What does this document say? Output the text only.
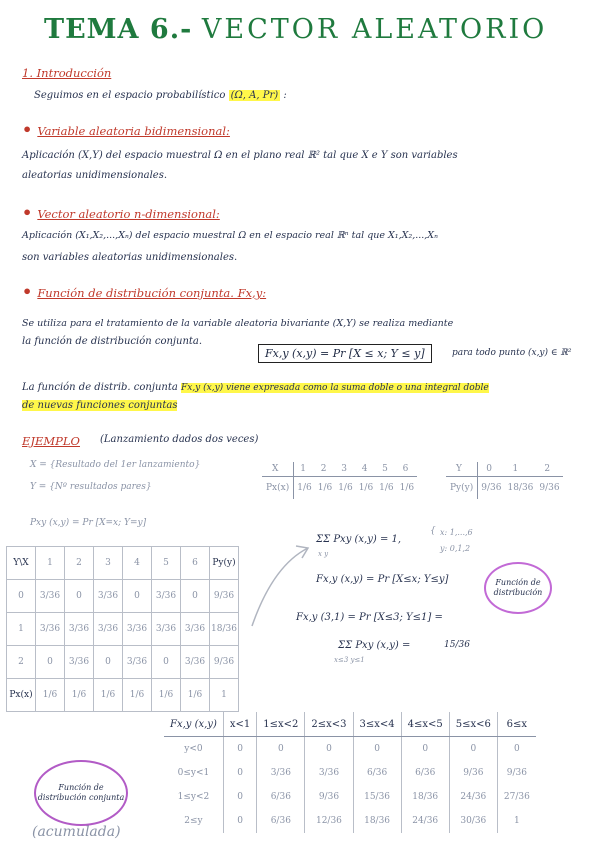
TEMA 6.- VECTOR ALEATORIO
1. Introducción
Seguimos en el espacio probabilístico (Ω, A, Pr) :
• Variable aleatoria bidimensional:
Aplicación (X,Y) del espacio muestral Ω en el plano real ℝ² tal que X e Y son variables
aleatorias unidimensionales.
• Vector aleatorio n-dimensional:
Aplicación (X₁,X₂,...,Xₙ) del espacio muestral Ω en el espacio real ℝⁿ tal que X₁,X₂,...,Xₙ
son variables aleatorias unidimensionales.
• Función de distribución conjunta. Fx,y:
Se utiliza para el tratamiento de la variable aleatoria bivariante (X,Y) se realiza mediante
la función de distribución conjunta.
Fx,y (x,y) = Pr [X ≤ x; Y ≤ y]	para todo punto (x,y) ∈ ℝ²
La función de distrib. conjunta Fx,y (x,y) viene expresada como la suma doble o una integral doble
de nuevas funciones conjuntas
EJEMPLO (Lanzamiento dados dos veces)
X = {Resultado del 1er lanzamiento}
Y = {Nº resultados pares}
Pxy (x,y) = Pr [X=x; Y=y]
X	1	2	3	4	5	6
Px(x)	1/6	1/6	1/6	1/6	1/6	1/6
Y	0	1	2
Py(y)	9/36	18/36	9/36
Y\X	1	2	3	4	5	6	Py(y)
0	3/36	0	3/36	0	3/36	0	9/36
1	3/36	3/36	3/36	3/36	3/36	3/36	18/36
2	0	3/36	0	3/36	0	3/36	9/36
Px(x)	1/6	1/6	1/6	1/6	1/6	1/6	1
ΣΣ Pxy (x,y) = 1,
x y
{ x: 1,...,6
y: 0,1,2
Fx,y (x,y) = Pr [X≤x; Y≤y]	Función de distribución
Fx,y (3,1) = Pr [X≤3; Y≤1] =
ΣΣ Pxy (x,y) =
x≤3 y≤1
15/36
Fx,y (x,y)	x<1	1≤x<2	2≤x<3	3≤x<4	4≤x<5	5≤x<6	6≤x
y<0	0	0	0	0	0	0	0
0≤y<1	0	3/36	3/36	6/36	6/36	9/36	9/36
1≤y<2	0	6/36	9/36	15/36	18/36	24/36	27/36
2≤y	0	6/36	12/36	18/36	24/36	30/36	1
Función de distribución conjunta
(acumulada)
